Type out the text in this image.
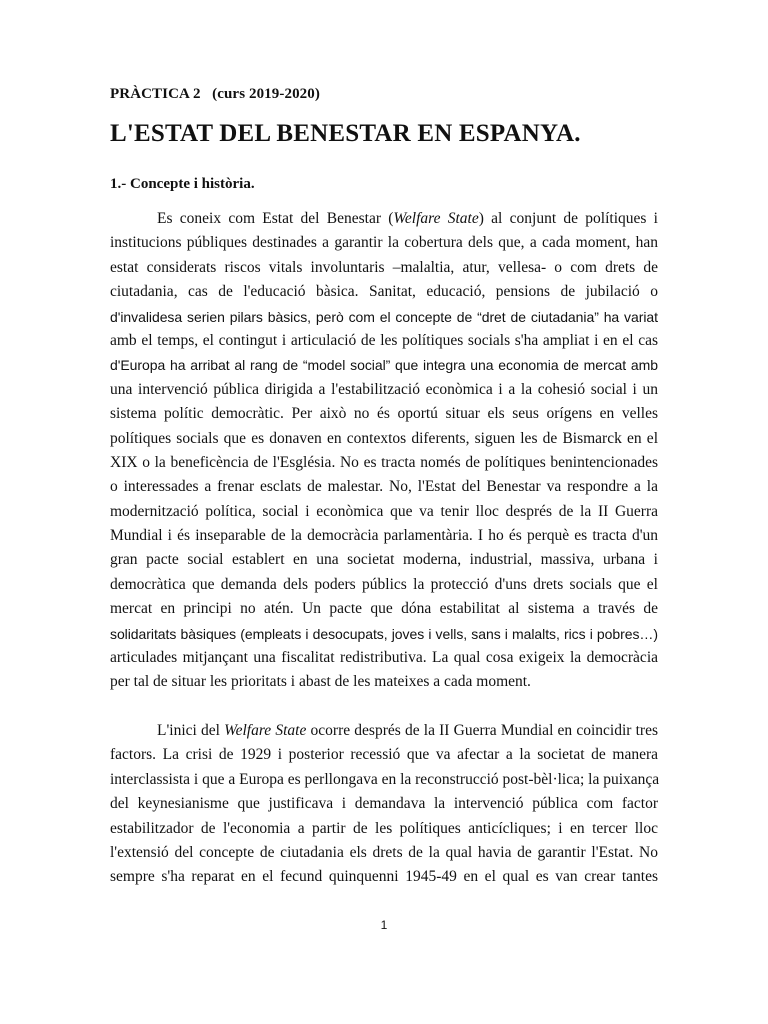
PRÀCTICA 2   (curs 2019-2020)
L'ESTAT DEL BENESTAR EN ESPANYA.
1.- Concepte i història.
Es coneix com Estat del Benestar (Welfare State) al conjunt de polítiques i
institucions públiques destinades a garantir la cobertura dels que, a cada moment, han
estat considerats riscos vitals involuntaris –malaltia, atur, vellesa- o com drets de
ciutadania, cas de l'educació bàsica. Sanitat, educació, pensions de jubilació o
d'invalidesa serien pilars bàsics, però com el concepte de “dret de ciutadania” ha variat
amb el temps, el contingut i articulació de les polítiques socials s'ha ampliat i en el cas
d'Europa ha arribat al rang de “model social” que integra una economia de mercat amb
una intervenció pública dirigida a l'estabilització econòmica i a la cohesió social i un
sistema polític democràtic. Per això no és oportú situar els seus orígens en velles
polítiques socials que es donaven en contextos diferents, siguen les de Bismarck en el
XIX o la beneficència de l'Església. No es tracta només de polítiques benintencionades
o interessades a frenar esclats de malestar. No, l'Estat del Benestar va respondre a la
modernització política, social i econòmica que va tenir lloc després de la II Guerra
Mundial i és inseparable de la democràcia parlamentària. I ho és perquè es tracta d'un
gran pacte social establert en una societat moderna, industrial, massiva, urbana i
democràtica que demanda dels poders públics la protecció d'uns drets socials que el
mercat en principi no atén. Un pacte que dóna estabilitat al sistema a través de
solidaritats bàsiques (empleats i desocupats, joves i vells, sans i malalts, rics i pobres…)
articulades mitjançant una fiscalitat redistributiva. La qual cosa exigeix la democràcia
per tal de situar les prioritats i abast de les mateixes a cada moment.
L'inici del Welfare State ocorre després de la II Guerra Mundial en coincidir tres
factors. La crisi de 1929 i posterior recessió que va afectar a la societat de manera
interclassista i que a Europa es perllongava en la reconstrucció post-bèl·lica; la puixança
del keynesianisme que justificava i demandava la intervenció pública com factor
estabilitzador de l'economia a partir de les polítiques anticícliques; i en tercer lloc
l'extensió del concepte de ciutadania els drets de la qual havia de garantir l'Estat. No
sempre s'ha reparat en el fecund quinquenni 1945-49 en el qual es van crear tantes
1
